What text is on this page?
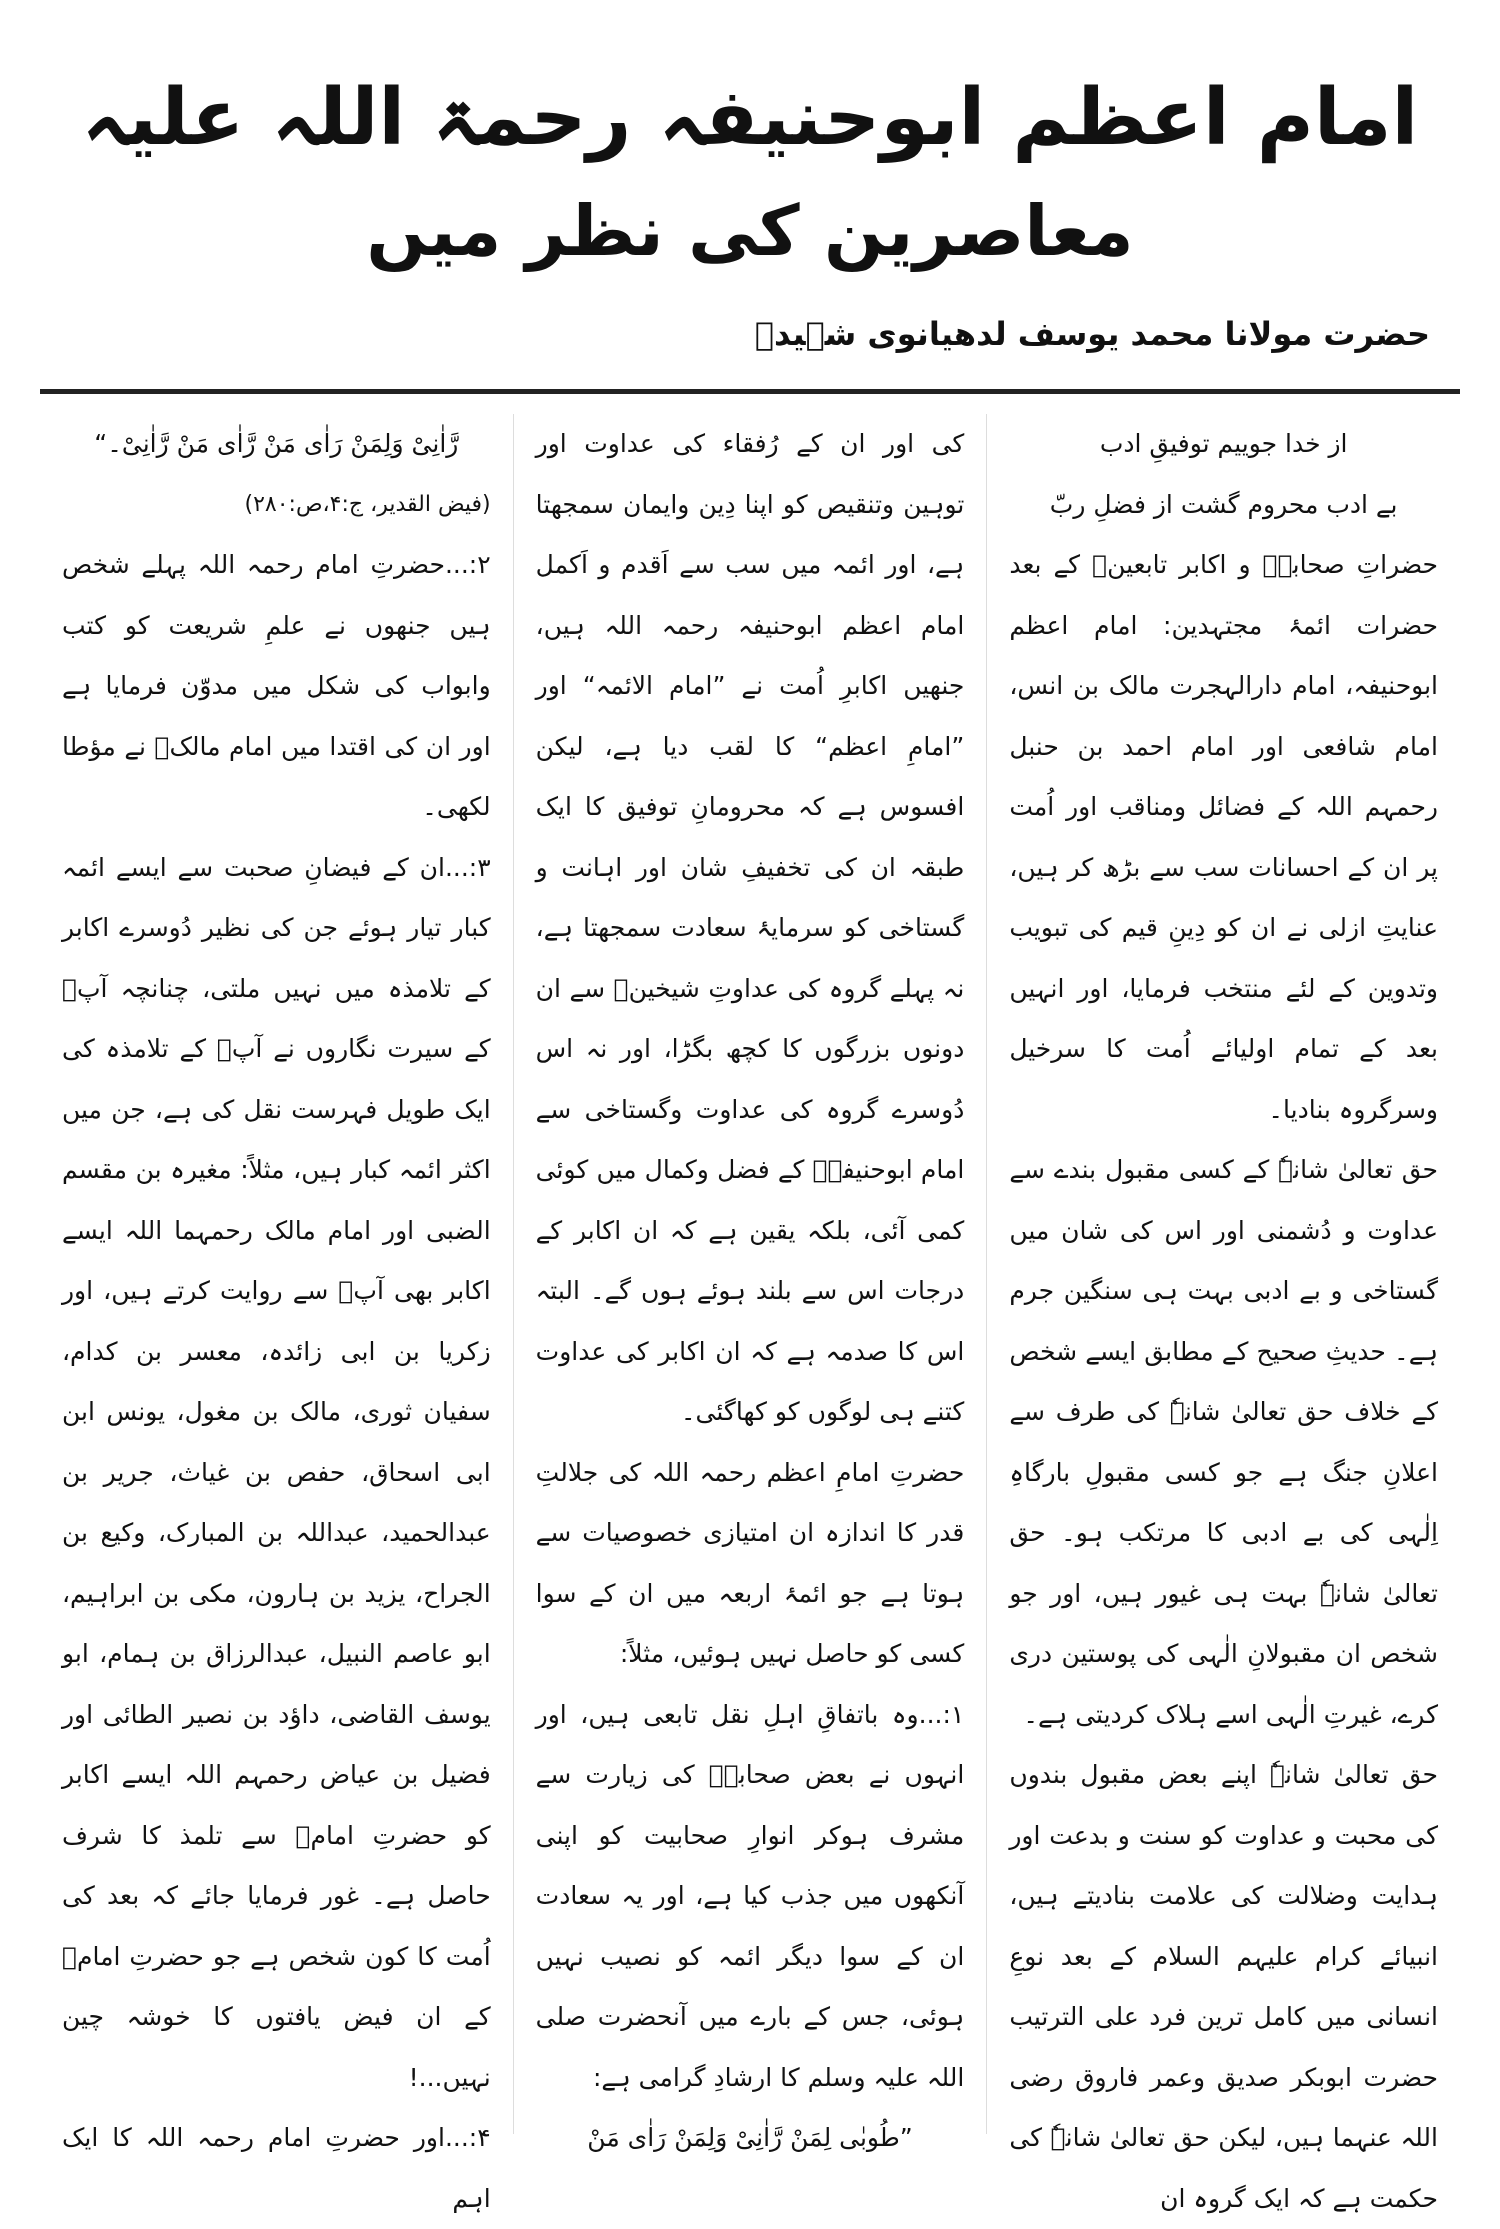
امام اعظم ابوحنیفہ رحمۃ اللہ علیہ
معاصرین کی نظر میں
حضرت مولانا محمد یوسف لدھیانوی شہیدؒ

از خدا جوییم توفیقِ ادب

بے ادب محروم گشت از فضلِ ربّ

حضراتِ صحابہؓ و اکابر تابعینؒ کے بعد حضرات ائمۂ مجتہدین: امام اعظم ابوحنیفہ، امام دارالہجرت مالک بن انس، امام شافعی اور امام احمد بن حنبل رحمہم اللہ کے فضائل ومناقب اور اُمت پر ان کے احسانات سب سے بڑھ کر ہیں، عنایتِ ازلی نے ان کو دِینِ قیم کی تبویب وتدوین کے لئے منتخب فرمایا، اور انہیں بعد کے تمام اولیائے اُمت کا سرخیل وسرگروہ بنادیا۔

حق تعالیٰ شانہٗ کے کسی مقبول بندے سے عداوت و دُشمنی اور اس کی شان میں گستاخی و بے ادبی بہت ہی سنگین جرم ہے۔ حدیثِ صحیح کے مطابق ایسے شخص کے خلاف حق تعالیٰ شانہٗ کی طرف سے اعلانِ جنگ ہے جو کسی مقبولِ بارگاہِ اِلٰہی کی بے ادبی کا مرتکب ہو۔ حق تعالیٰ شانہٗ بہت ہی غیور ہیں، اور جو شخص ان مقبولانِ الٰہی کی پوستین دری کرے، غیرتِ الٰہی اسے ہلاک کردیتی ہے۔

حق تعالیٰ شانہٗ اپنے بعض مقبول بندوں کی محبت و عداوت کو سنت و بدعت اور ہدایت وضلالت کی علامت بنادیتے ہیں، انبیائے کرام علیہم السلام کے بعد نوعِ انسانی میں کامل ترین فرد علی الترتیب حضرت ابوبکر صدیق وعمر فاروق رضی اللہ عنہما ہیں، لیکن حق تعالیٰ شانہٗ کی حکمت ہے کہ ایک گروہ ان

کی اور ان کے رُفقاء کی عداوت اور توہین وتنقیص کو اپنا دِین وایمان سمجھتا ہے، اور ائمہ میں سب سے اَقدم و اَکمل امام اعظم ابوحنیفہ رحمہ اللہ ہیں، جنھیں اکابرِ اُمت نے ”امام الائمہ“ اور ”امامِ اعظم“ کا لقب دیا ہے، لیکن افسوس ہے کہ محرومانِ توفیق کا ایک طبقہ ان کی تخفیفِ شان اور اہانت و گستاخی کو سرمایۂ سعادت سمجھتا ہے، نہ پہلے گروہ کی عداوتِ شیخینؓ سے ان دونوں بزرگوں کا کچھ بگڑا، اور نہ اس دُوسرے گروہ کی عداوت وگستاخی سے امام ابوحنیفہؒ کے فضل وکمال میں کوئی کمی آئی، بلکہ یقین ہے کہ ان اکابر کے درجات اس سے بلند ہوئے ہوں گے۔ البتہ اس کا صدمہ ہے کہ ان اکابر کی عداوت کتنے ہی لوگوں کو کھاگئی۔

حضرتِ امامِ اعظم رحمہ اللہ کی جلالتِ قدر کا اندازہ ان امتیازی خصوصیات سے ہوتا ہے جو ائمۂ اربعہ میں ان کے سوا کسی کو حاصل نہیں ہوئیں، مثلاً:

۱:...وہ باتفاقِ اہلِ نقل تابعی ہیں، اور انہوں نے بعض صحابہؓ کی زیارت سے مشرف ہوکر انوارِ صحابیت کو اپنی آنکھوں میں جذب کیا ہے، اور یہ سعادت ان کے سوا دیگر ائمہ کو نصیب نہیں ہوئی، جس کے بارے میں آنحضرت صلی اللہ علیہ وسلم کا ارشادِ گرامی ہے:

”طُوبٰی لِمَنْ رَّاٰنِیْ وَلِمَنْ رَاٰی مَنْ

رَّاٰنِیْ وَلِمَنْ رَاٰی مَنْ رَّاٰی مَنْ رَّاٰنِیْ۔“

(فیض القدیر، ج:۴،ص:۲۸۰)

۲:...حضرتِ امام رحمہ اللہ پہلے شخص ہیں جنھوں نے علمِ شریعت کو کتب وابواب کی شکل میں مدوّن فرمایا ہے اور ان کی اقتدا میں امام مالکؒ نے مؤطا لکھی۔

۳:...ان کے فیضانِ صحبت سے ایسے ائمہ کبار تیار ہوئے جن کی نظیر دُوسرے اکابر کے تلامذہ میں نہیں ملتی، چنانچہ آپؒ کے سیرت نگاروں نے آپؒ کے تلامذہ کی ایک طویل فہرست نقل کی ہے، جن میں اکثر ائمہ کبار ہیں، مثلاً: مغیرہ بن مقسم الضبی اور امام مالک رحمہما اللہ ایسے اکابر بھی آپؒ سے روایت کرتے ہیں، اور زکریا بن ابی زائدہ، معسر بن کدام، سفیان ثوری، مالک بن مغول، یونس ابن ابی اسحاق، حفص بن غیاث، جریر بن عبدالحمید، عبداللہ بن المبارک، وکیع بن الجراح، یزید بن ہارون، مکی بن ابراہیم، ابو عاصم النبیل، عبدالرزاق بن ہمام، ابو یوسف القاضی، داؤد بن نصیر الطائی اور فضیل بن عیاض رحمہم اللہ ایسے اکابر کو حضرتِ امامؒ سے تلمذ کا شرف حاصل ہے۔ غور فرمایا جائے کہ بعد کی اُمت کا کون شخص ہے جو حضرتِ امامؒ کے ان فیض یافتوں کا خوشہ چین نہیں...!

۴:...اور حضرتِ امام رحمہ اللہ کا ایک اہم
